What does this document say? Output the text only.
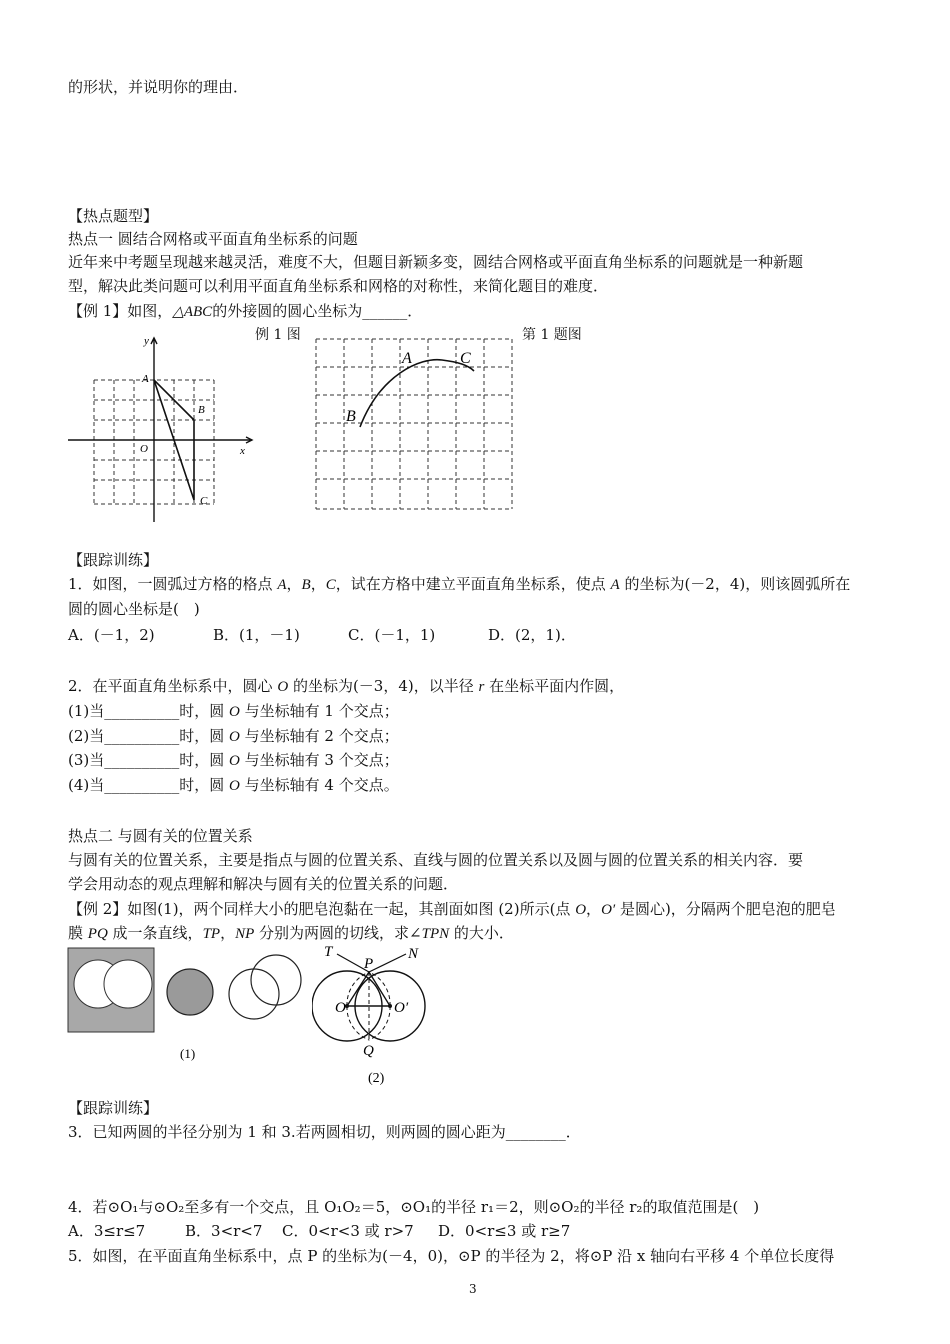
的形状，并说明你的理由．
【热点题型】
热点一 圆结合网格或平面直角坐标系的问题
近年来中考题呈现越来越灵活，难度不大，但题目新颖多变，圆结合网格或平面直角坐标系的问题就是一种新题
型，解决此类问题可以利用平面直角坐标系和网格的对称性，来简化题目的难度．
【例 1】如图，△ABC的外接圆的圆心坐标为______．
例 1 图	第 1 题图
y
x
O
A
B
C
A
B
C
【跟踪训练】
1．如图，一圆弧过方格的格点 A，B，C，试在方格中建立平面直角坐标系，使点 A 的坐标为(－2，4)，则该圆弧所在
圆的圆心坐标是(　)
A．(－1，2)	B．(1，－1)	C．(－1，1)	D．(2，1)．
2．在平面直角坐标系中，圆心 O 的坐标为(－3，4)，以半径 r 在坐标平面内作圆，
(1)当__________时，圆 O 与坐标轴有 1 个交点；
(2)当__________时，圆 O 与坐标轴有 2 个交点；
(3)当__________时，圆 O 与坐标轴有 3 个交点；
(4)当__________时，圆 O 与坐标轴有 4 个交点。
热点二 与圆有关的位置关系
与圆有关的位置关系，主要是指点与圆的位置关系、直线与圆的位置关系以及圆与圆的位置关系的相关内容．要
学会用动态的观点理解和解决与圆有关的位置关系的问题．
【例 2】如图(1)，两个同样大小的肥皂泡黏在一起，其剖面如图 (2)所示(点 O，O′ 是圆心)，分隔两个肥皂泡的肥皂
膜 PQ 成一条直线，TP，NP 分别为两圆的切线，求∠TPN 的大小．
(1)
T
P
N
O	O′
Q
(2)
【跟踪训练】
3．已知两圆的半径分别为 1 和 3.若两圆相切，则两圆的圆心距为________．
4．若⊙O₁与⊙O₂至多有一个交点，且 O₁O₂＝5，⊙O₁的半径 r₁＝2，则⊙O₂的半径 r₂的取值范围是(　)
A．3≤r≤7	B．3<r<7 C．0<r<3 或 r>7 D．0<r≤3 或 r≥7
5．如图，在平面直角坐标系中，点 P 的坐标为(－4，0)，⊙P 的半径为 2，将⊙P 沿 x 轴向右平移 4 个单位长度得
3
